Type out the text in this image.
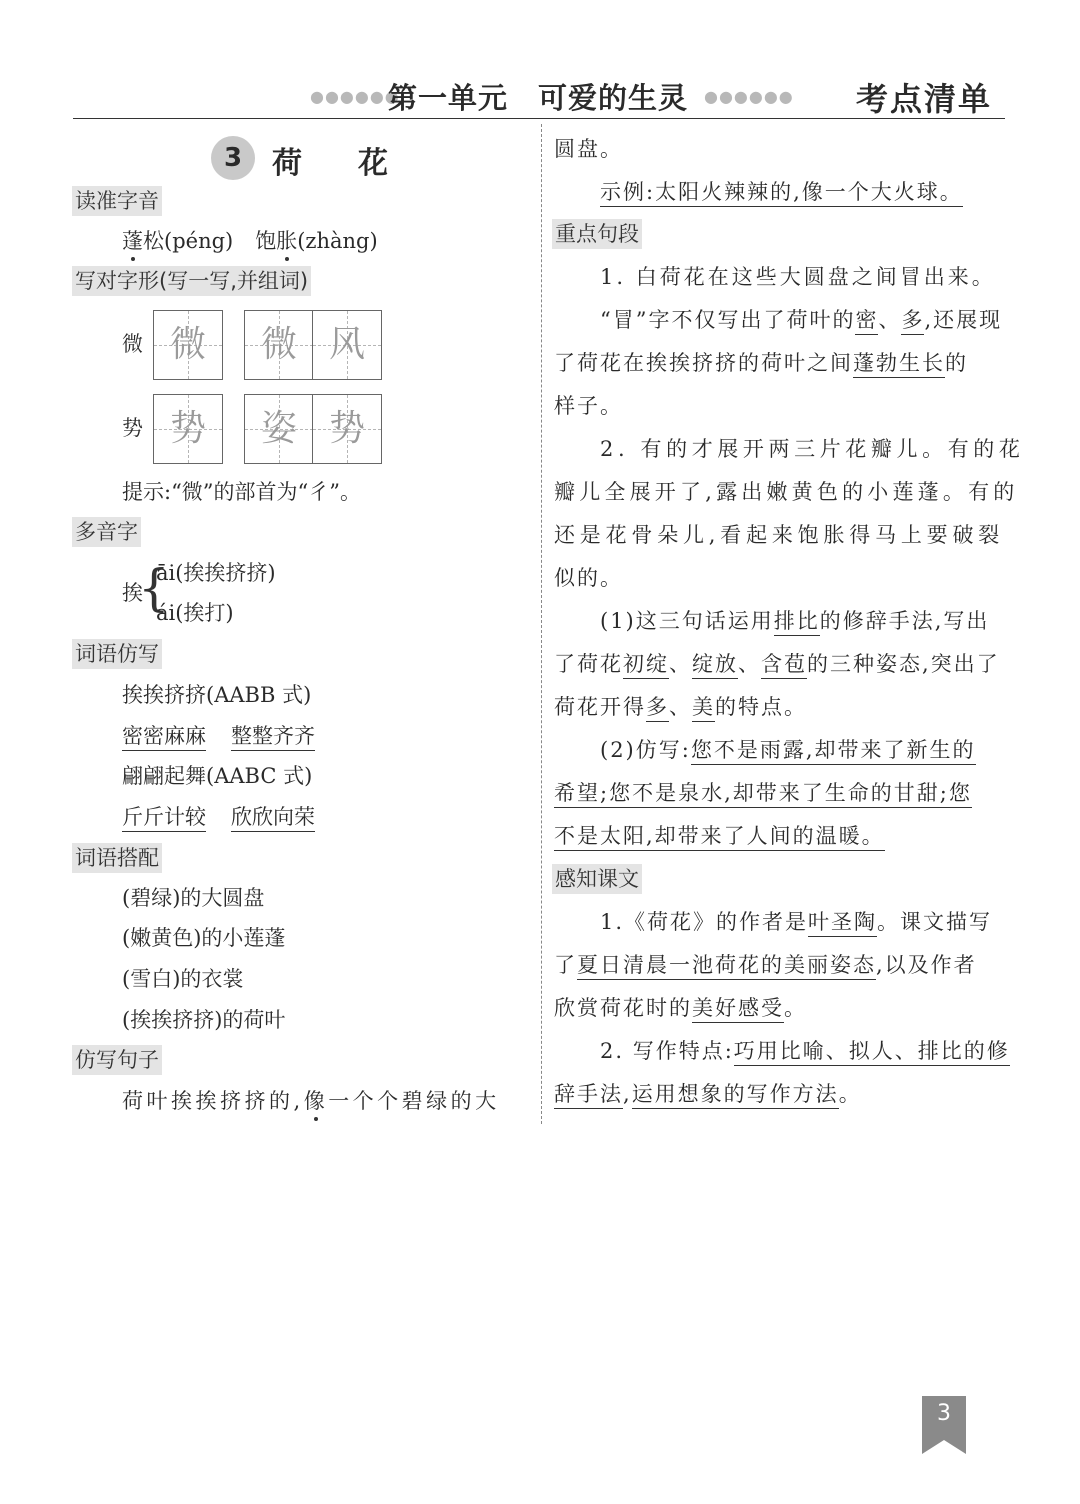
●●●●●●
第一单元 可爱的生灵 ●●●●●● 考点清单
3 荷花
读准字音
蓬松(péng) 饱胀(zhàng)
写对字形(写一写,并组词)
微 微	微 风
势 势	姿 势
提示:“微”的部首为“彳”。
多音字
挨
{
āi(挨挨挤挤)
ái(挨打)
词语仿写
挨挨挤挤(AABB 式)
密密麻麻 整整齐齐
翩翩起舞(AABC 式)
斤斤计较 欣欣向荣
词语搭配
(碧绿)的大圆盘
(嫩黄色)的小莲蓬
(雪白)的衣裳
(挨挨挤挤)的荷叶
仿写句子
荷叶挨挨挤挤的,像一个个碧绿的大
圆盘。
示例:太阳火辣辣的,像一个大火球。
重点句段
1. 白荷花在这些大圆盘之间冒出来。
“冒”字不仅写出了荷叶的密、多,还展现
了荷花在挨挨挤挤的荷叶之间蓬勃生长的
样子。
2. 有的才展开两三片花瓣儿。有的花
瓣儿全展开了,露出嫩黄色的小莲蓬。有的
还是花骨朵儿,看起来饱胀得马上要破裂
似的。
(1)这三句话运用排比的修辞手法,写出
了荷花初绽、绽放、含苞的三种姿态,突出了
荷花开得多、美的特点。
(2)仿写:您不是雨露,却带来了新生的
希望;您不是泉水,却带来了生命的甘甜;您
不是太阳,却带来了人间的温暖。
感知课文
1.《荷花》的作者是叶圣陶。课文描写
了夏日清晨一池荷花的美丽姿态,以及作者
欣赏荷花时的美好感受。
2. 写作特点:巧用比喻、拟人、排比的修
辞手法,运用想象的写作方法。
3
